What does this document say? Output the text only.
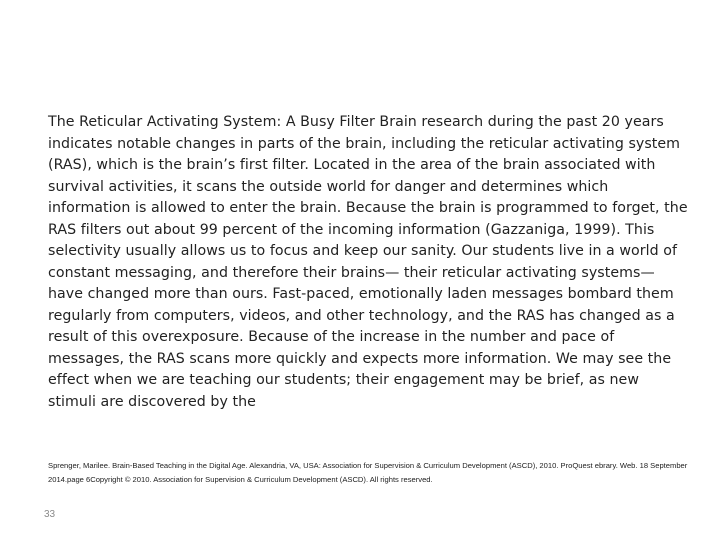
The Reticular Activating System: A Busy Filter Brain research during the past 20 years indicates notable changes in parts of the brain, including the reticular activating system (RAS), which is the brain’s first filter. Located in the area of the brain associated with survival activities, it scans the outside world for danger and determines which information is allowed to enter the brain. Because the brain is programmed to forget, the RAS filters out about 99 percent of the incoming information (Gazzaniga, 1999). This selectivity usually allows us to focus and keep our sanity. Our students live in a world of constant messaging, and therefore their brains— their reticular activating systems— have changed more than ours. Fast-paced, emotionally laden messages bombard them regularly from computers, videos, and other technology, and the RAS has changed as a result of this overexposure. Because of the increase in the number and pace of messages, the RAS scans more quickly and expects more information. We may see the effect when we are teaching our students; their engagement may be brief, as new stimuli are discovered by the

Sprenger, Marilee. Brain-Based Teaching in the Digital Age. Alexandria, VA, USA: Association for Supervision & Curriculum Development (ASCD), 2010. ProQuest ebrary. Web. 18 September 2014.page 6Copyright © 2010. Association for Supervision & Curriculum Development (ASCD). All rights reserved.

33
